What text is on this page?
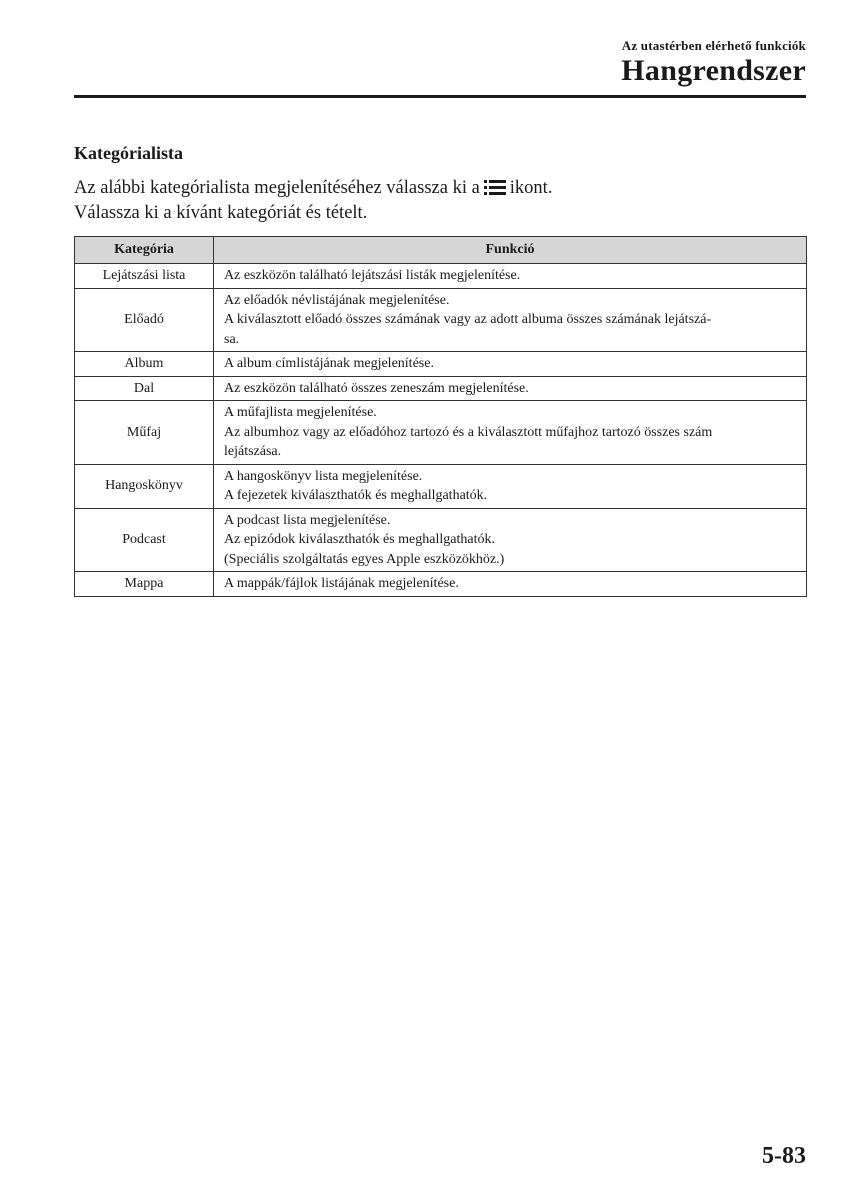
Az utastérben elérhető funkciók
Hangrendszer
Kategórialista
Az alábbi kategórialista megjelenítéséhez válassza ki a ikont.
Válassza ki a kívánt kategóriát és tételt.
Kategória	Funkció
Lejátszási lista	Az eszközön található lejátszási listák megjelenítése.

Előadó	Az előadók névlistájának megjelenítése.
A kiválasztott előadó összes számának vagy az adott albuma összes számának lejátszá-
sa.

Album	A album címlistájának megjelenítése.

Dal	Az eszközön található összes zeneszám megjelenítése.

Műfaj	A műfajlista megjelenítése.
Az albumhoz vagy az előadóhoz tartozó és a kiválasztott műfajhoz tartozó összes szám
lejátszása.

Hangoskönyv	A hangoskönyv lista megjelenítése.
A fejezetek kiválaszthatók és meghallgathatók.

Podcast	A podcast lista megjelenítése.
Az epizódok kiválaszthatók és meghallgathatók.
(Speciális szolgáltatás egyes Apple eszközökhöz.)

Mappa	A mappák/fájlok listájának megjelenítése.
5-83
